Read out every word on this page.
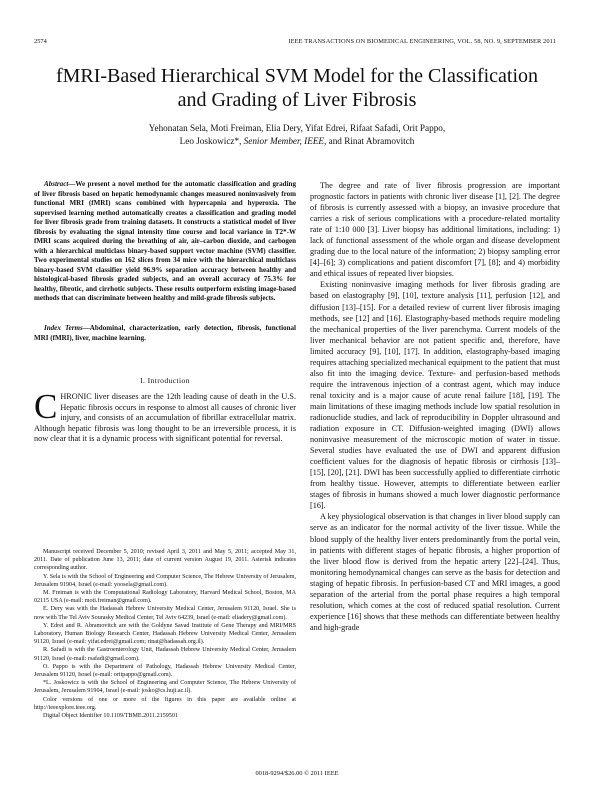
2574	IEEE TRANSACTIONS ON BIOMEDICAL ENGINEERING, VOL. 58, NO. 9, SEPTEMBER 2011
fMRI-Based Hierarchical SVM Model for the Classification and Grading of Liver Fibrosis
Yehonatan Sela, Moti Freiman, Elia Dery, Yifat Edrei, Rifaat Safadi, Orit Pappo,
Leo Joskowicz*, Senior Member, IEEE, and Rinat Abramovitch
Abstract—We present a novel method for the automatic classification and grading of liver fibrosis based on hepatic hemodynamic changes measured noninvasively from functional MRI (fMRI) scans combined with hypercapnia and hyperoxia. The supervised learning method automatically creates a classification and grading model for liver fibrosis grade from training datasets. It constructs a statistical model of liver fibrosis by evaluating the signal intensity time course and local variance in T2*-W fMRI scans acquired during the breathing of air, air–carbon dioxide, and carbogen with a hierarchical multiclass binary-based support vector machine (SVM) classifier. Two experimental studies on 162 slices from 34 mice with the hierarchical multiclass binary-based SVM classifier yield 96.9% separation accuracy between healthy and histological-based fibrosis graded subjects, and an overall accuracy of 75.3% for healthy, fibrotic, and cirrhotic subjects. These results outperform existing image-based methods that can discriminate between healthy and mild-grade fibrosis subjects.
Index Terms—Abdominal, characterization, early detection, fibrosis, functional MRI (fMRI), liver, machine learning.
I. Introduction
CHRONIC liver diseases are the 12th leading cause of death in the U.S. Hepatic fibrosis occurs in response to almost all causes of chronic liver injury, and consists of an accumulation of fibrillar extracellular matrix. Although hepatic fibrosis was long thought to be an irreversible process, it is now clear that it is a dynamic process with significant potential for reversal.

Manuscript received December 5, 2010; revised April 3, 2011 and May 5, 2011; accepted May 31, 2011. Date of publication June 13, 2011; date of current version August 19, 2011. Asterisk indicates corresponding author.

Y. Sela is with the School of Engineering and Computer Science, The Hebrew University of Jerusalem, Jerusalem 91904, Israel (e-mail: yoosela@gmail.com).

M. Freiman is with the Computational Radiology Laboratory, Harvard Medical School, Boston, MA 02115 USA (e-mail: moti.freiman@gmail.com).

E. Dery was with the Hadassah Hebrew University Medical Center, Jerusalem 91120, Israel. She is now with The Tel Aviv Sourasky Medical Center, Tel Aviv 64239, Israel (e-mail: eliadery@gmail.com).

Y. Edrei and R. Abramovitch are with the Goldyne Savad Institute of Gene Therapy and MRI/MRS Laboratory, Human Biology Research Center, Hadassah Hebrew University Medical Center, Jerusalem 91120, Israel (e-mail: yifat.edrei@gmail.com; rinat@hadassah.org.il).

R. Safadi is with the Gastroenterology Unit, Hadassah Hebrew University Medical Center, Jerusalem 91120, Israel (e-mail: rsafadi@gmail.com).

O. Pappo is with the Department of Pathology, Hadassah Hebrew University Medical Center, Jerusalem 91120, Israel (e-mail: oritpappo@gmail.com).

*L. Joskowicz is with the School of Engineering and Computer Science, The Hebrew University of Jerusalem, Jerusalem 91904, Israel (e-mail: josko@cs.huji.ac.il).

Color versions of one or more of the figures in this paper are available online at http://ieeexplore.ieee.org.

Digital Object Identifier 10.1109/TBME.2011.2159501

The degree and rate of liver fibrosis progression are important prognostic factors in patients with chronic liver disease [1], [2]. The degree of fibrosis is currently assessed with a biopsy, an invasive procedure that carries a risk of serious complications with a procedure-related mortality rate of 1:10 000 [3]. Liver biopsy has additional limitations, including: 1) lack of functional assessment of the whole organ and disease development grading due to the local nature of the information; 2) biopsy sampling error [4]–[6]; 3) complications and patient discomfort [7], [8]; and 4) morbidity and ethical issues of repeated liver biopsies.

Existing noninvasive imaging methods for liver fibrosis grading are based on elastography [9], [10], texture analysis [11], perfusion [12], and diffusion [13]–[15]. For a detailed review of current liver fibrosis imaging methods, see [12] and [16]. Elastography-based methods require modeling the mechanical properties of the liver parenchyma. Current models of the liver mechanical behavior are not patient specific and, therefore, have limited accuracy [9], [10], [17]. In addition, elastography-based imaging requires attaching specialized mechanical equipment to the patient that must also fit into the imaging device. Texture- and perfusion-based methods require the intravenous injection of a contrast agent, which may induce renal toxicity and is a major cause of acute renal failure [18], [19]. The main limitations of these imaging methods include low spatial resolution in radionuclide studies, and lack of reproducibility in Doppler ultrasound and radiation exposure in CT. Diffusion-weighted imaging (DWI) allows noninvasive measurement of the microscopic motion of water in tissue. Several studies have evaluated the use of DWI and apparent diffusion coefficient values for the diagnosis of hepatic fibrosis or cirrhosis [13]–[15], [20], [21]. DWI has been successfully applied to differentiate cirrhotic from healthy tissue. However, attempts to differentiate between earlier stages of fibrosis in humans showed a much lower diagnostic performance [16].

A key physiological observation is that changes in liver blood supply can serve as an indicator for the normal activity of the liver tissue. While the blood supply of the healthy liver enters predominantly from the portal vein, in patients with different stages of hepatic fibrosis, a higher proportion of the liver blood flow is derived from the hepatic artery [22]–[24]. Thus, monitoring hemodynamical changes can serve as the basis for detection and staging of hepatic fibrosis. In perfusion-based CT and MRI images, a good separation of the arterial from the portal phase requires a high temporal resolution, which comes at the cost of reduced spatial resolution. Current experience [16] shows that these methods can differentiate between healthy and high-grade

0018-9294/$26.00 © 2011 IEEE
